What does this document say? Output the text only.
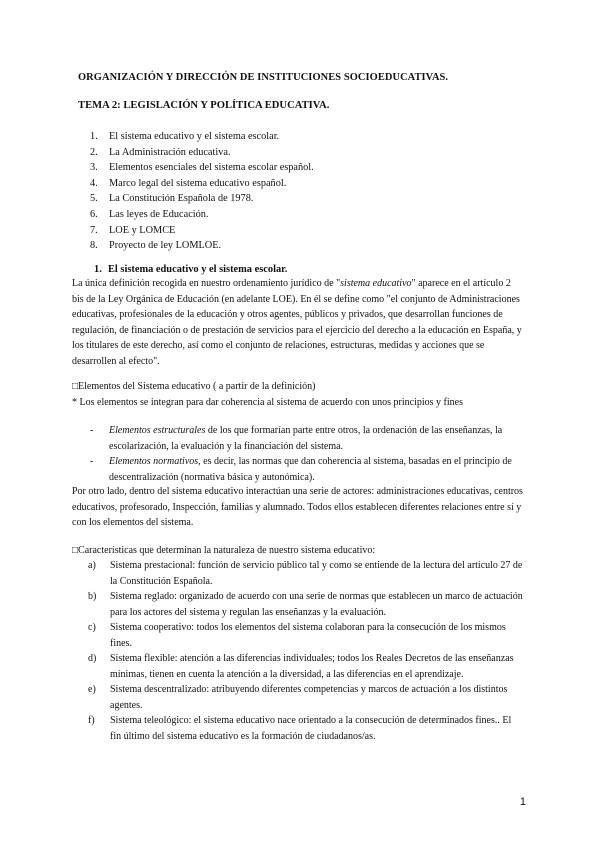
ORGANIZACIÓN Y DIRECCIÓN DE INSTITUCIONES SOCIOEDUCATIVAS.
TEMA 2: LEGISLACIÓN Y POLÍTICA EDUCATIVA.
1.	El sistema educativo y el sistema escolar.
2.	La Administración educativa.
3.	Elementos esenciales del sistema escolar español.
4.	Marco legal del sistema educativo español.
5.	La Constitución Española de 1978.
6.	Las leyes de Educación.
7.	LOE y LOMCE
8.	Proyecto de ley LOMLOE.
1. El sistema educativo y el sistema escolar.
La única definición recogida en nuestro ordenamiento jurídico de "sistema educativo" aparece en el artículo 2 bis de la Ley Orgánica de Educación (en adelante LOE). En él se define como "el conjunto de Administraciones educativas, profesionales de la educación y otros agentes, públicos y privados, que desarrollan funciones de regulación, de financiación o de prestación de servicios para el ejercicio del derecho a la educación en España, y los titulares de este derecho, así como el conjunto de relaciones, estructuras, medidas y acciones que se desarrollen al efecto".
□Elementos del Sistema educativo ( a partir de la definición)
* Los elementos se integran para dar coherencia al sistema de acuerdo con unos principios y fines
-	Elementos estructurales de los que formarían parte entre otros, la ordenación de las enseñanzas, la escolarización, la evaluación y la financiación del sistema.
-	Elementos normativos, es decir, las normas que dan coherencia al sistema, basadas en el principio de descentralización (normativa básica y autonómica).
Por otro lado, dentro del sistema educativo interactúan una serie de actores: administraciones educativas, centros educativos, profesorado, Inspección, familias y alumnado. Todos ellos establecen diferentes relaciones entre sí y con los elementos del sistema.
□Características que determinan la naturaleza de nuestro sistema educativo:
a)	Sistema prestacional: función de servicio público tal y como se entiende de la lectura del artículo 27 de la Constitución Española.
b)	Sistema reglado: organizado de acuerdo con una serie de normas que establecen un marco de actuación para los actores del sistema y regulan las enseñanzas y la evaluación.
c)	Sistema cooperativo: todos los elementos del sistema colaboran para la consecución de los mismos fines.
d)	Sistema flexible: atención a las diferencias individuales; todos los Reales Decretos de las enseñanzas mínimas, tienen en cuenta la atención a la diversidad, a las diferencias en el aprendizaje.
e)	Sistema descentralizado: atribuyendo diferentes competencias y marcos de actuación a los distintos agentes.
f)	Sistema teleológico: el sistema educativo nace orientado a la consecución de determinados fines.. El fin último del sistema educativo es la formación de ciudadanos/as.
1
